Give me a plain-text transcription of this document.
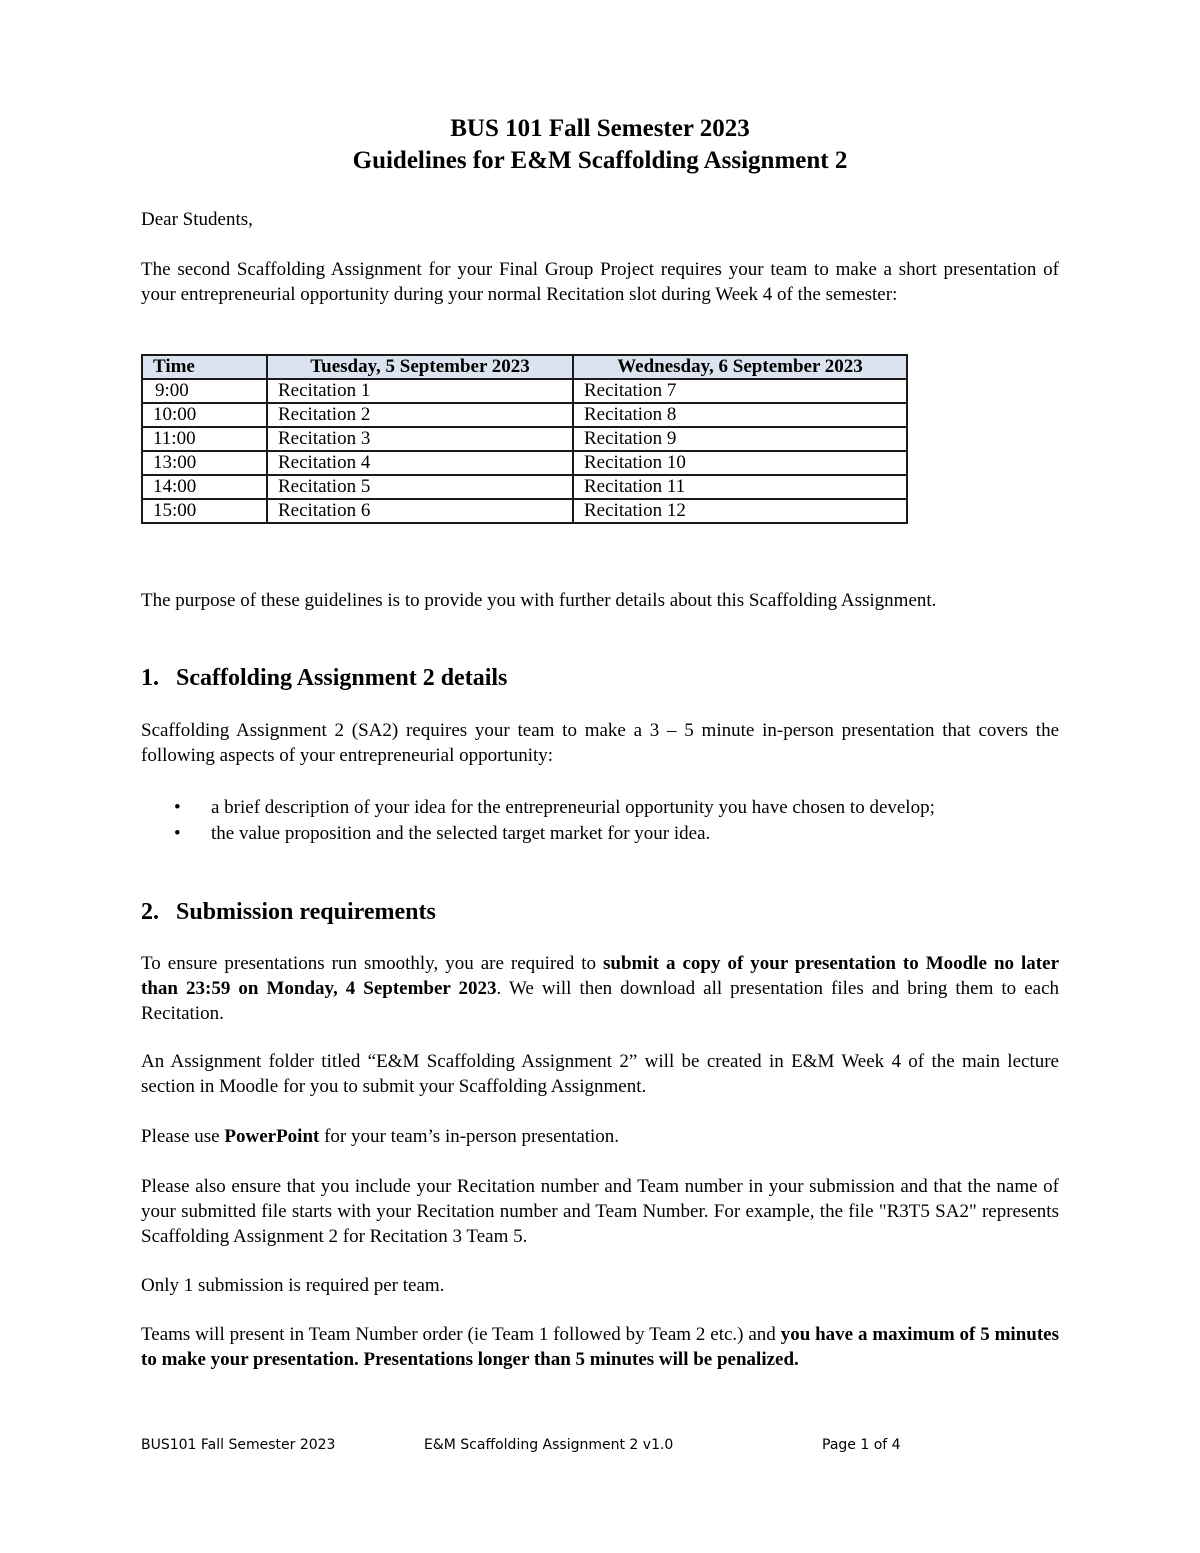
BUS 101 Fall Semester 2023
Guidelines for E&M Scaffolding Assignment 2

Dear Students,

The second Scaffolding Assignment for your Final Group Project requires your team to make a short presentation of your entrepreneurial opportunity during your normal Recitation slot during Week 4 of the semester:

Time	Tuesday, 5 September 2023	Wednesday, 6 September 2023
9:00	Recitation 1	Recitation 7
10:00	Recitation 2	Recitation 8
11:00	Recitation 3	Recitation 9
13:00	Recitation 4	Recitation 10
14:00	Recitation 5	Recitation 11
15:00	Recitation 6	Recitation 12

The purpose of these guidelines is to provide you with further details about this Scaffolding Assignment.

1. Scaffolding Assignment 2 details

Scaffolding Assignment 2 (SA2) requires your team to make a 3 – 5 minute in-person presentation that covers the following aspects of your entrepreneurial opportunity:

• a brief description of your idea for the entrepreneurial opportunity you have chosen to develop;
• the value proposition and the selected target market for your idea.
2. Submission requirements

To ensure presentations run smoothly, you are required to submit a copy of your presentation to Moodle no later than 23:59 on Monday, 4 September 2023. We will then download all presentation files and bring them to each Recitation.

An Assignment folder titled “E&M Scaffolding Assignment 2” will be created in E&M Week 4 of the main lecture section in Moodle for you to submit your Scaffolding Assignment.

Please use PowerPoint for your team’s in-person presentation.

Please also ensure that you include your Recitation number and Team number in your submission and that the name of your submitted file starts with your Recitation number and Team Number. For example, the file "R3T5 SA2" represents Scaffolding Assignment 2 for Recitation 3 Team 5.

Only 1 submission is required per team.

Teams will present in Team Number order (ie Team 1 followed by Team 2 etc.) and you have a maximum of 5 minutes to make your presentation. Presentations longer than 5 minutes will be penalized.

BUS101 Fall Semester 2023	E&M Scaffolding Assignment 2 v1.0	Page 1 of 4
